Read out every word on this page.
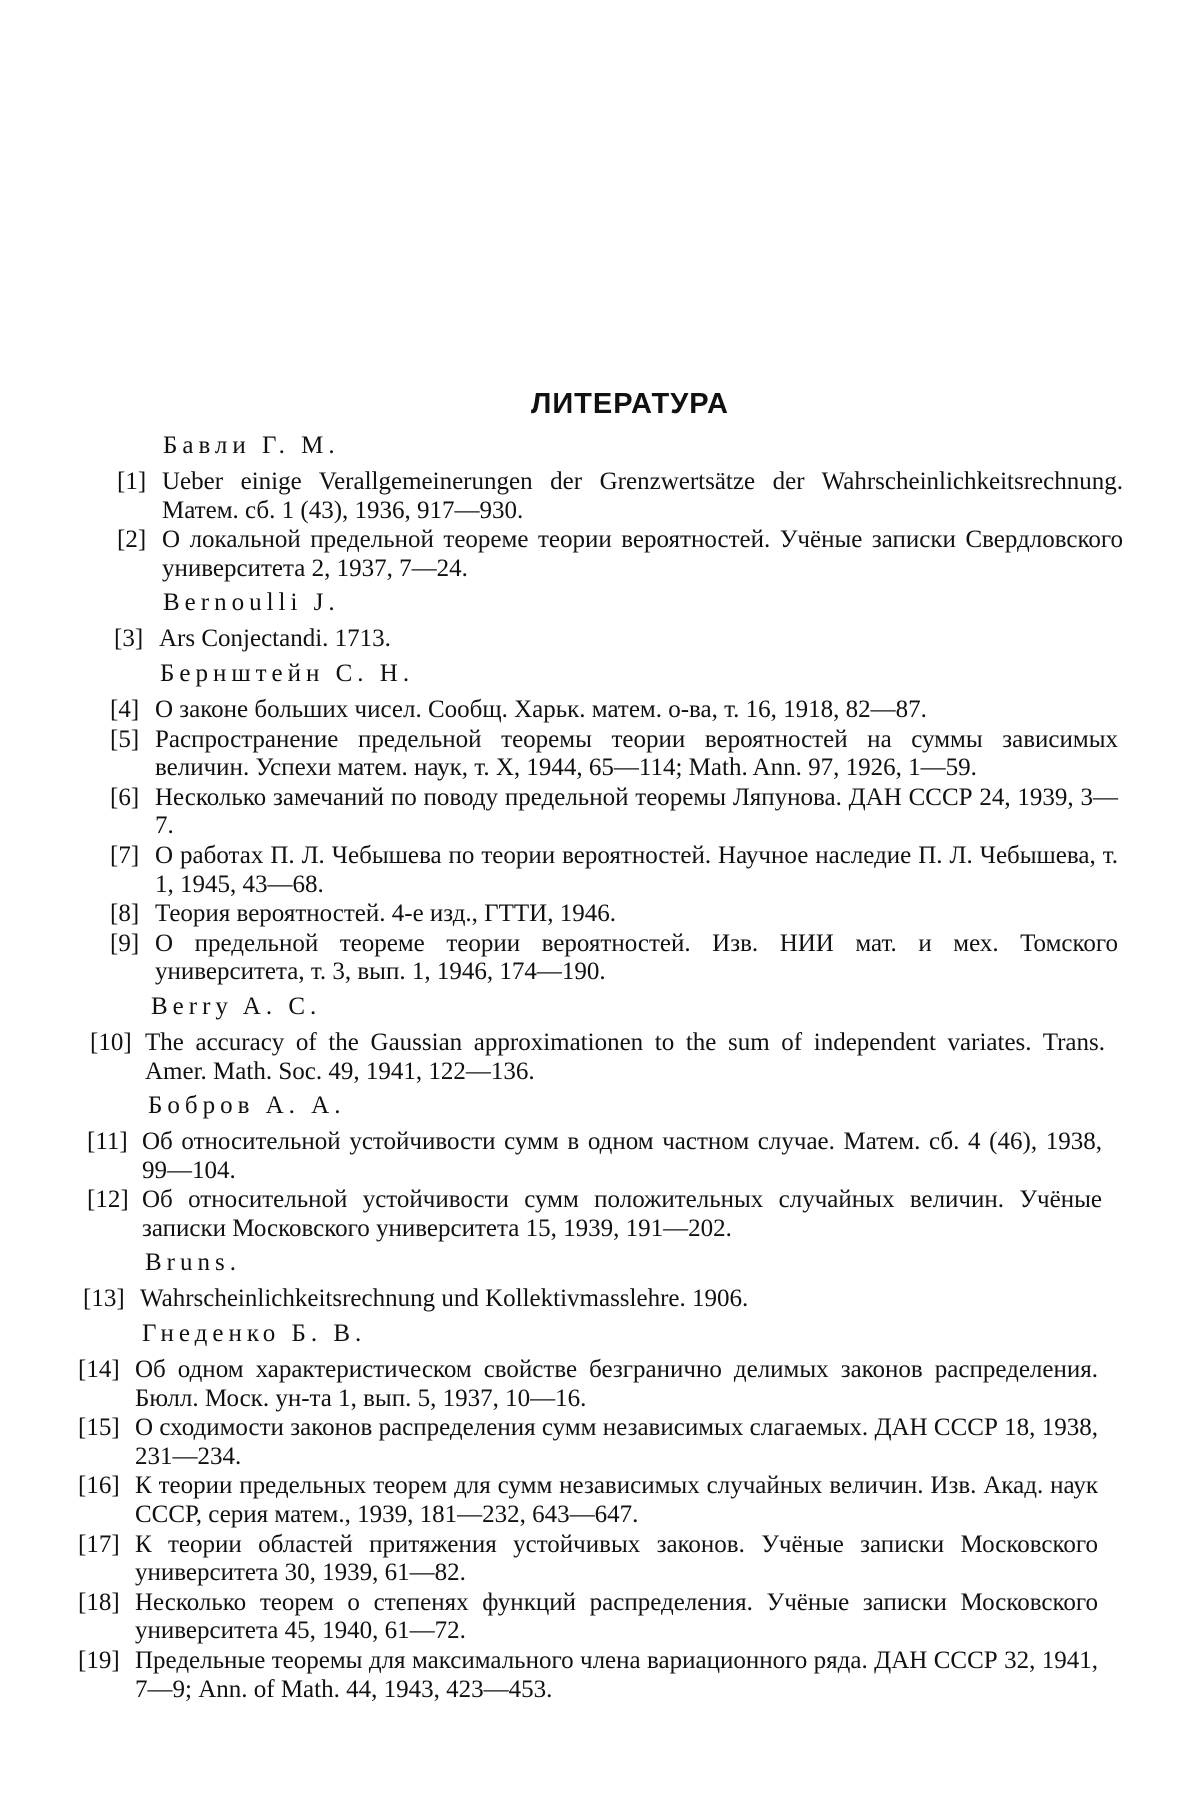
ЛИТЕРАТУРА
Бавли Г. М.
[1] Ueber einige Verallgemeinerungen der Grenzwertsätze der Wahrscheinlichkeitsrechnung. Матем. сб. 1 (43), 1936, 917—930.
[2] О локальной предельной теореме теории вероятностей. Учёные записки Свердловского университета 2, 1937, 7—24.
Bernoulli J.
[3] Ars Conjectandi. 1713.
Бернштейн С. Н.
[4] О законе больших чисел. Сообщ. Харьк. матем. о-ва, т. 16, 1918, 82—87.
[5] Распространение предельной теоремы теории вероятностей на суммы зависимых величин. Успехи матем. наук, т. X, 1944, 65—114; Math. Ann. 97, 1926, 1—59.
[6] Несколько замечаний по поводу предельной теоремы Ляпунова. ДАН СССР 24, 1939, 3—7.
[7] О работах П. Л. Чебышева по теории вероятностей. Научное наследие П. Л. Чебышева, т. 1, 1945, 43—68.
[8] Теория вероятностей. 4-е изд., ГТТИ, 1946.
[9] О предельной теореме теории вероятностей. Изв. НИИ мат. и мех. Томского университета, т. 3, вып. 1, 1946, 174—190.
Berry A. C.
[10] The accuracy of the Gaussian approximationen to the sum of independent variates. Trans. Amer. Math. Soc. 49, 1941, 122—136.
Бобров А. А.
[11] Об относительной устойчивости сумм в одном частном случае. Матем. сб. 4 (46), 1938, 99—104.
[12] Об относительной устойчивости сумм положительных случайных величин. Учёные записки Московского университета 15, 1939, 191—202.
Bruns.
[13] Wahrscheinlichkeitsrechnung und Kollektivmasslehre. 1906.
Гнеденко Б. В.
[14] Об одном характеристическом свойстве безгранично делимых законов распределения. Бюлл. Моск. ун-та 1, вып. 5, 1937, 10—16.
[15] О сходимости законов распределения сумм независимых слагаемых. ДАН СССР 18, 1938, 231—234.
[16] К теории предельных теорем для сумм независимых случайных величин. Изв. Акад. наук СССР, серия матем., 1939, 181—232, 643—647.
[17] К теории областей притяжения устойчивых законов. Учёные записки Московского университета 30, 1939, 61—82.
[18] Несколько теорем о степенях функций распределения. Учёные записки Московского университета 45, 1940, 61—72.
[19] Предельные теоремы для максимального члена вариационного ряда. ДАН СССР 32, 1941, 7—9; Ann. of Math. 44, 1943, 423—453.
